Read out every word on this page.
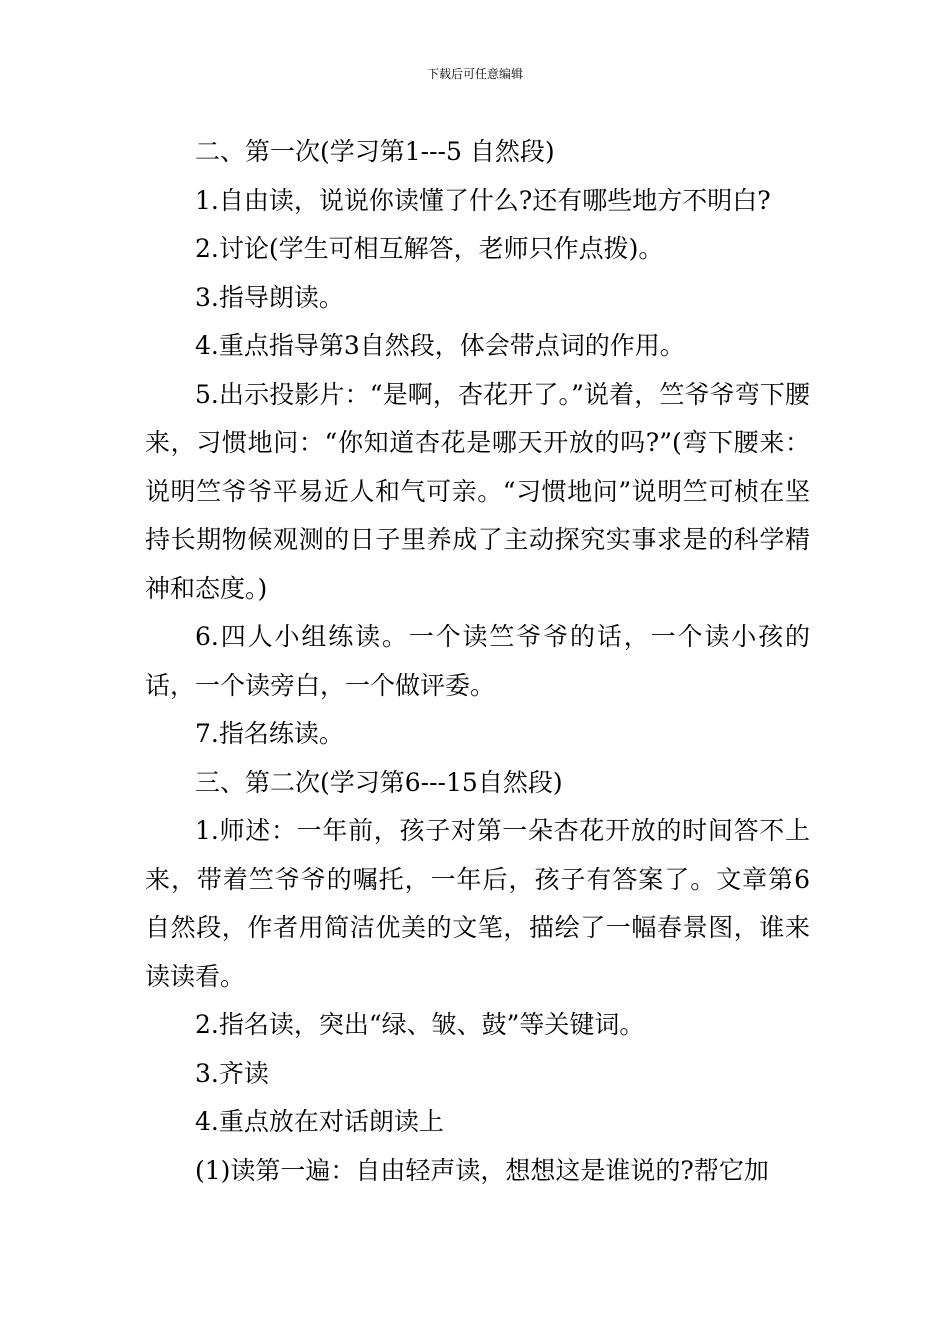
下载后可任意编辑

二、第一次(学习第1---5 自然段)

1.自由读，说说你读懂了什么?还有哪些地方不明白?

2.讨论(学生可相互解答，老师只作点拨)。

3.指导朗读。

4.重点指导第3自然段，体会带点词的作用。

5.出示投影片：“是啊，杏花开了。”说着，竺爷爷弯下腰来，习惯地问：“你知道杏花是哪天开放的吗?”(弯下腰来：说明竺爷爷平易近人和气可亲。“习惯地问”说明竺可桢在坚持长期物候观测的日子里养成了主动探究实事求是的科学精神和态度。)

6.四人小组练读。一个读竺爷爷的话，一个读小孩的话，一个读旁白，一个做评委。

7.指名练读。

三、第二次(学习第6---15自然段)

1.师述：一年前，孩子对第一朵杏花开放的时间答不上来，带着竺爷爷的嘱托，一年后，孩子有答案了。文章第6自然段，作者用简洁优美的文笔，描绘了一幅春景图，谁来读读看。

2.指名读，突出“绿、皱、鼓”等关键词。

3.齐读

4.重点放在对话朗读上

(1)读第一遍：自由轻声读，想想这是谁说的?帮它加
